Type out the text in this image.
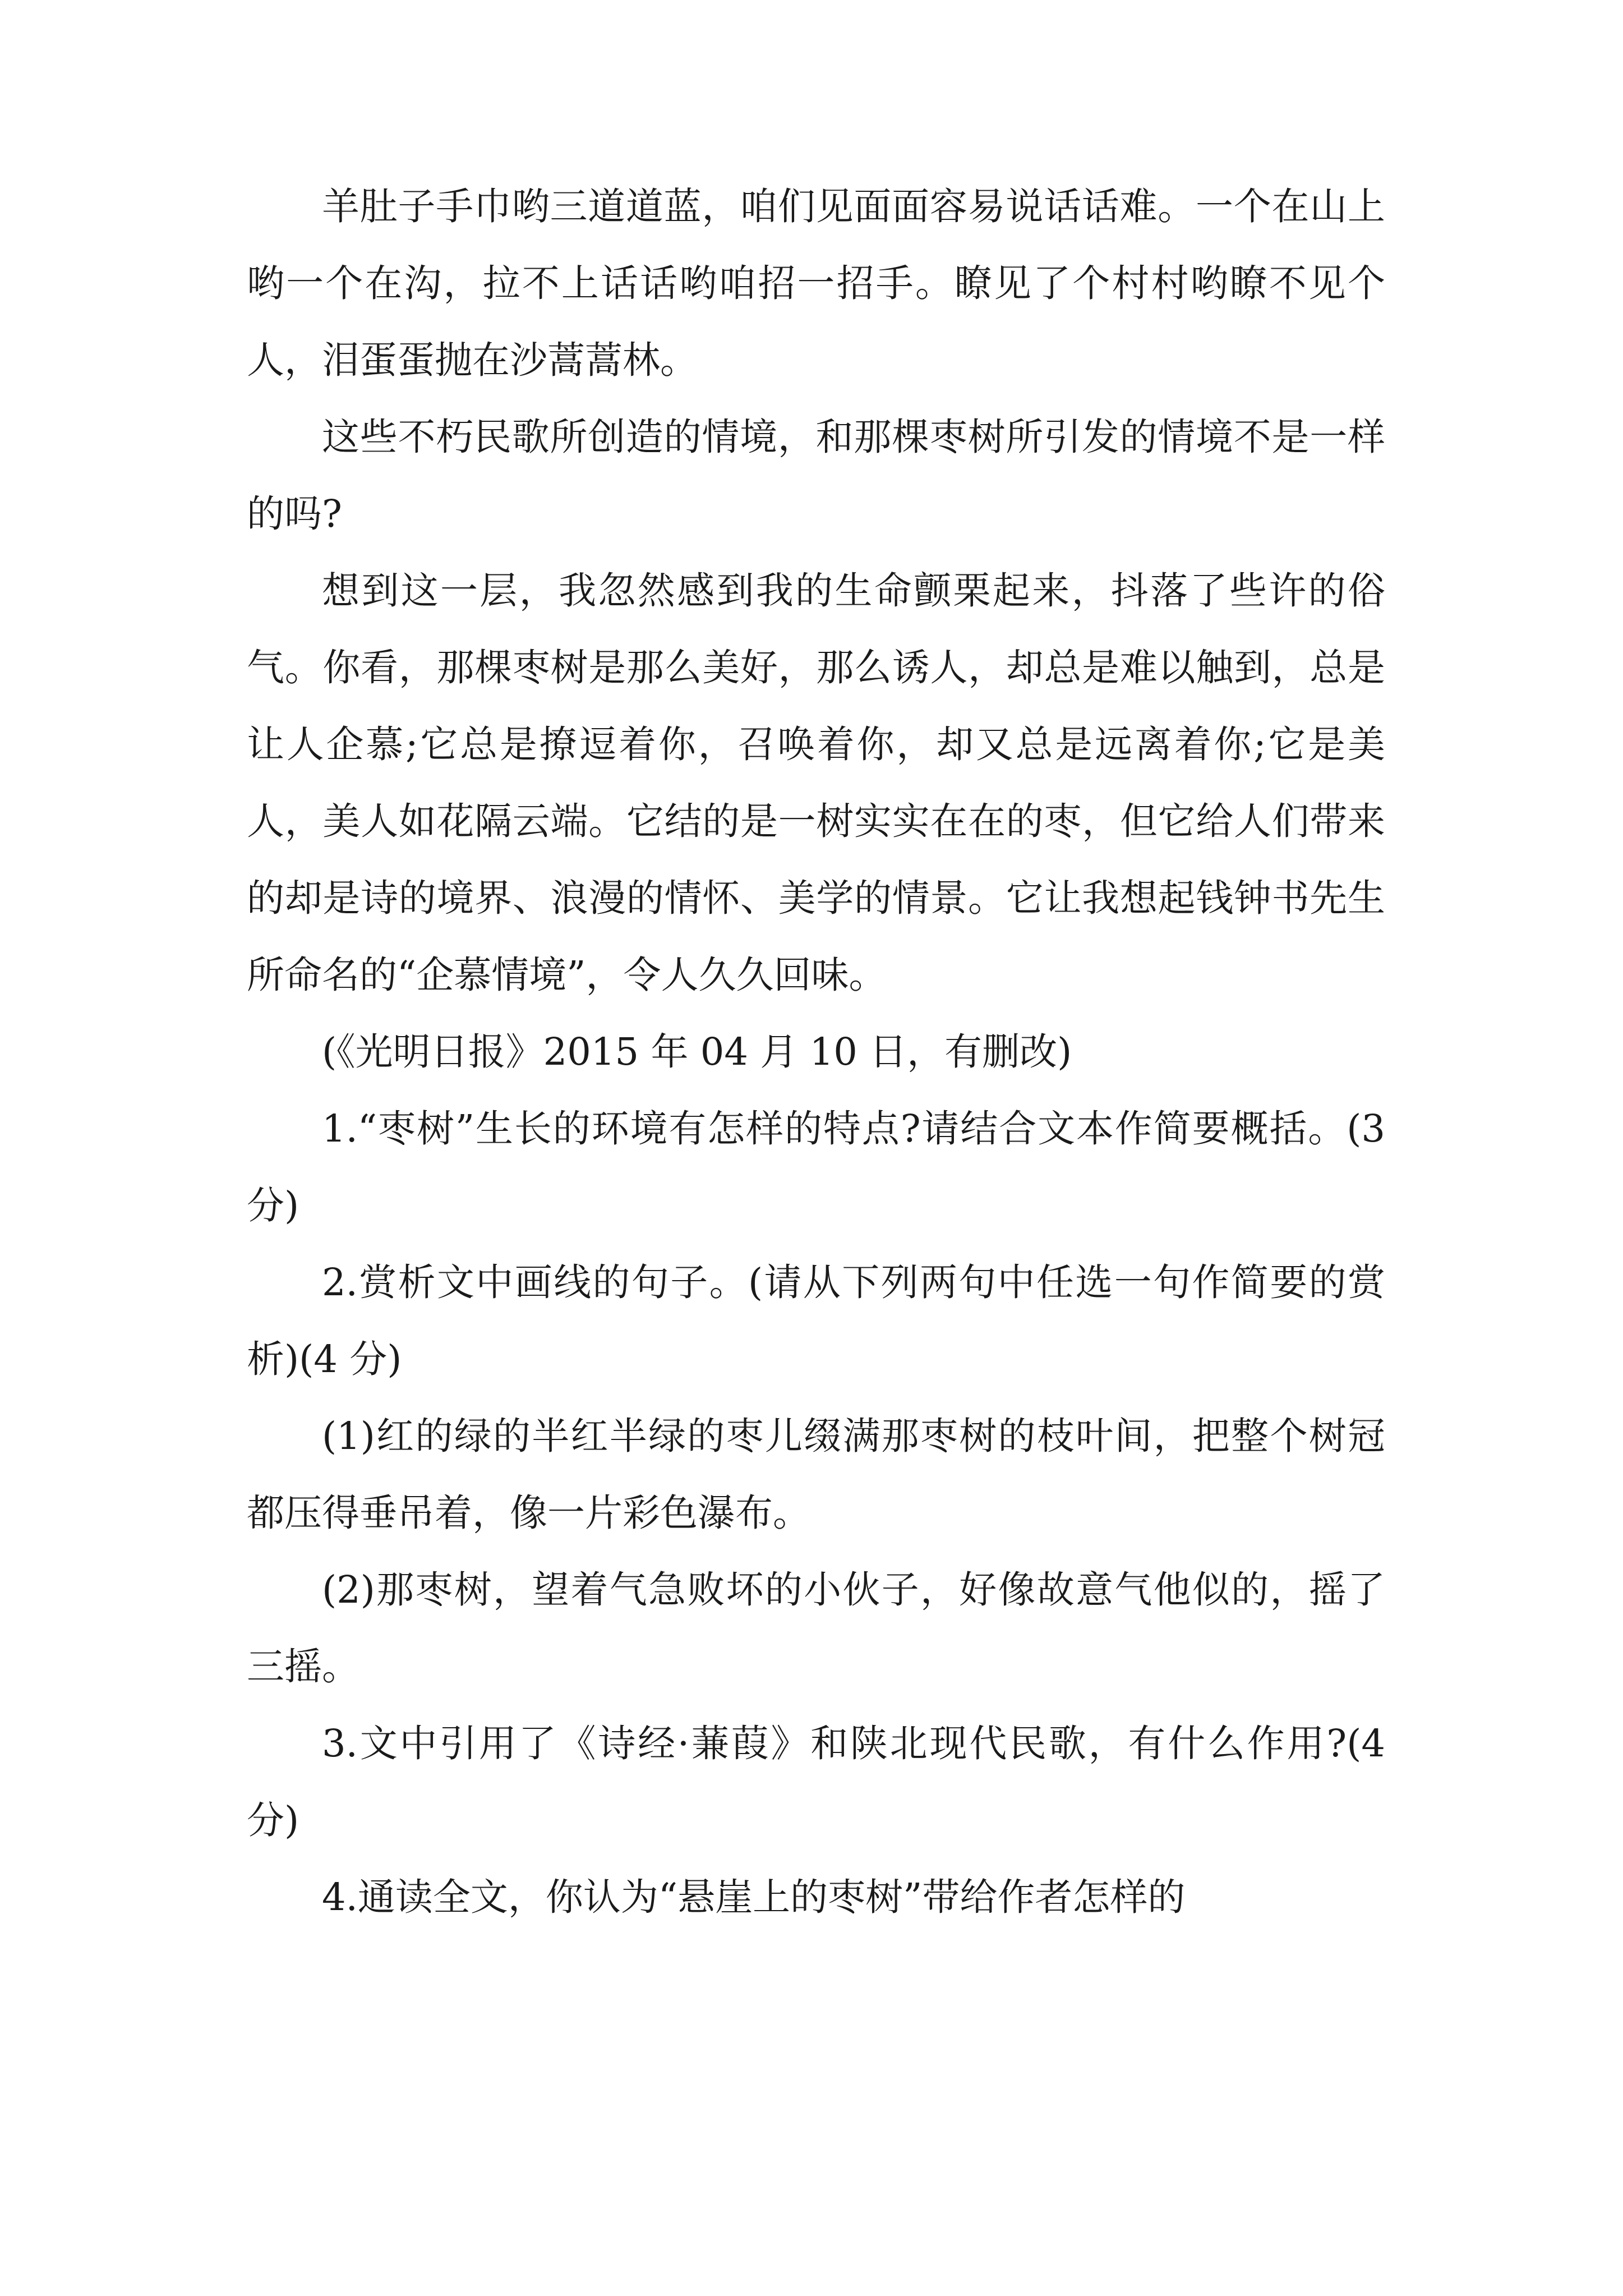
羊肚子手巾哟三道道蓝，咱们见面面容易说话话难。一个在山上哟一个在沟，拉不上话话哟咱招一招手。瞭见了个村村哟瞭不见个人，泪蛋蛋抛在沙蒿蒿林。

这些不朽民歌所创造的情境，和那棵枣树所引发的情境不是一样的吗?

想到这一层，我忽然感到我的生命颤栗起来，抖落了些许的俗气。你看，那棵枣树是那么美好，那么诱人，却总是难以触到，总是让人企慕;它总是撩逗着你，召唤着你，却又总是远离着你;它是美人，美人如花隔云端。它结的是一树实实在在的枣，但它给人们带来的却是诗的境界、浪漫的情怀、美学的情景。它让我想起钱钟书先生所命名的“企慕情境”，令人久久回味。

(《光明日报》2015 年 04 月 10 日，有删改)

1.“枣树”生长的环境有怎样的特点?请结合文本作简要概括。(3 分)

2.赏析文中画线的句子。(请从下列两句中任选一句作简要的赏析)(4 分)

(1)红的绿的半红半绿的枣儿缀满那枣树的枝叶间，把整个树冠都压得垂吊着，像一片彩色瀑布。

(2)那枣树，望着气急败坏的小伙子，好像故意气他似的，摇了三摇。

3.文中引用了《诗经·蒹葭》和陕北现代民歌，有什么作用?(4 分)

4.通读全文，你认为“悬崖上的枣树”带给作者怎样的
